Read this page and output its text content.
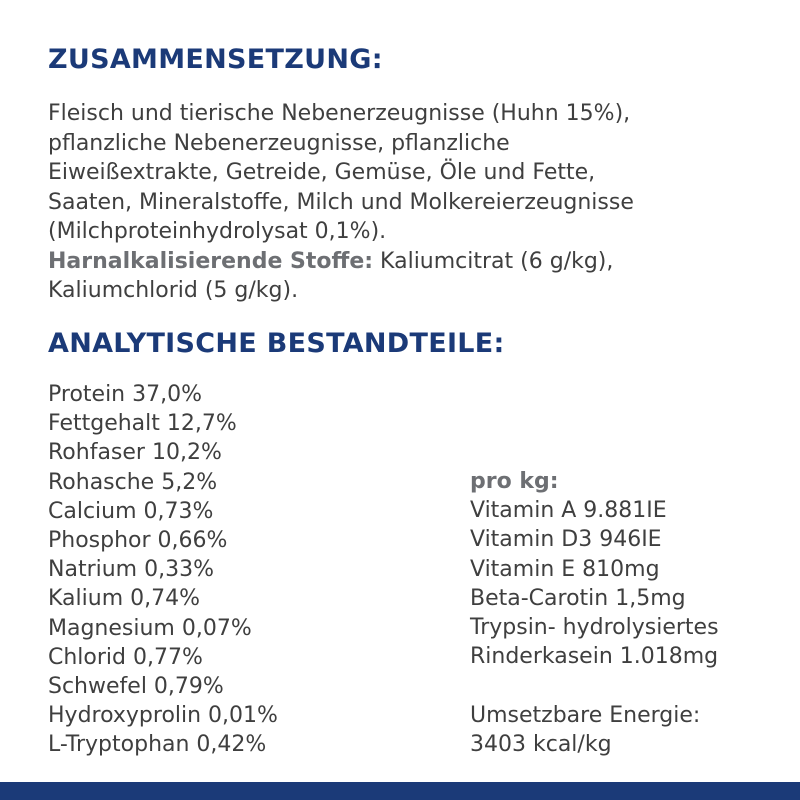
ZUSAMMENSETZUNG:

Fleisch und tierische Nebenerzeugnisse (Huhn 15%),
pflanzliche Nebenerzeugnisse, pflanzliche
Eiweißextrakte, Getreide, Gemüse, Öle und Fette,
Saaten, Mineralstoffe, Milch und Molkereierzeugnisse
(Milchproteinhydrolysat 0,1%).
Harnalkalisierende Stoffe: Kaliumcitrat (6 g/kg),
Kaliumchlorid (5 g/kg).

ANALYTISCHE BESTANDTEILE:
Protein 37,0%
Fettgehalt 12,7%
Rohfaser 10,2%
Rohasche 5,2%
Calcium 0,73%
Phosphor 0,66%
Natrium 0,33%
Kalium 0,74%
Magnesium 0,07%
Chlorid 0,77%
Schwefel 0,79%
Hydroxyprolin 0,01%
L-Tryptophan 0,42%
pro kg:
Vitamin A 9.881IE
Vitamin D3 946IE
Vitamin E 810mg
Beta-Carotin 1,5mg
Trypsin- hydrolysiertes
Rinderkasein 1.018mg

Umsetzbare Energie:
3403 kcal/kg
